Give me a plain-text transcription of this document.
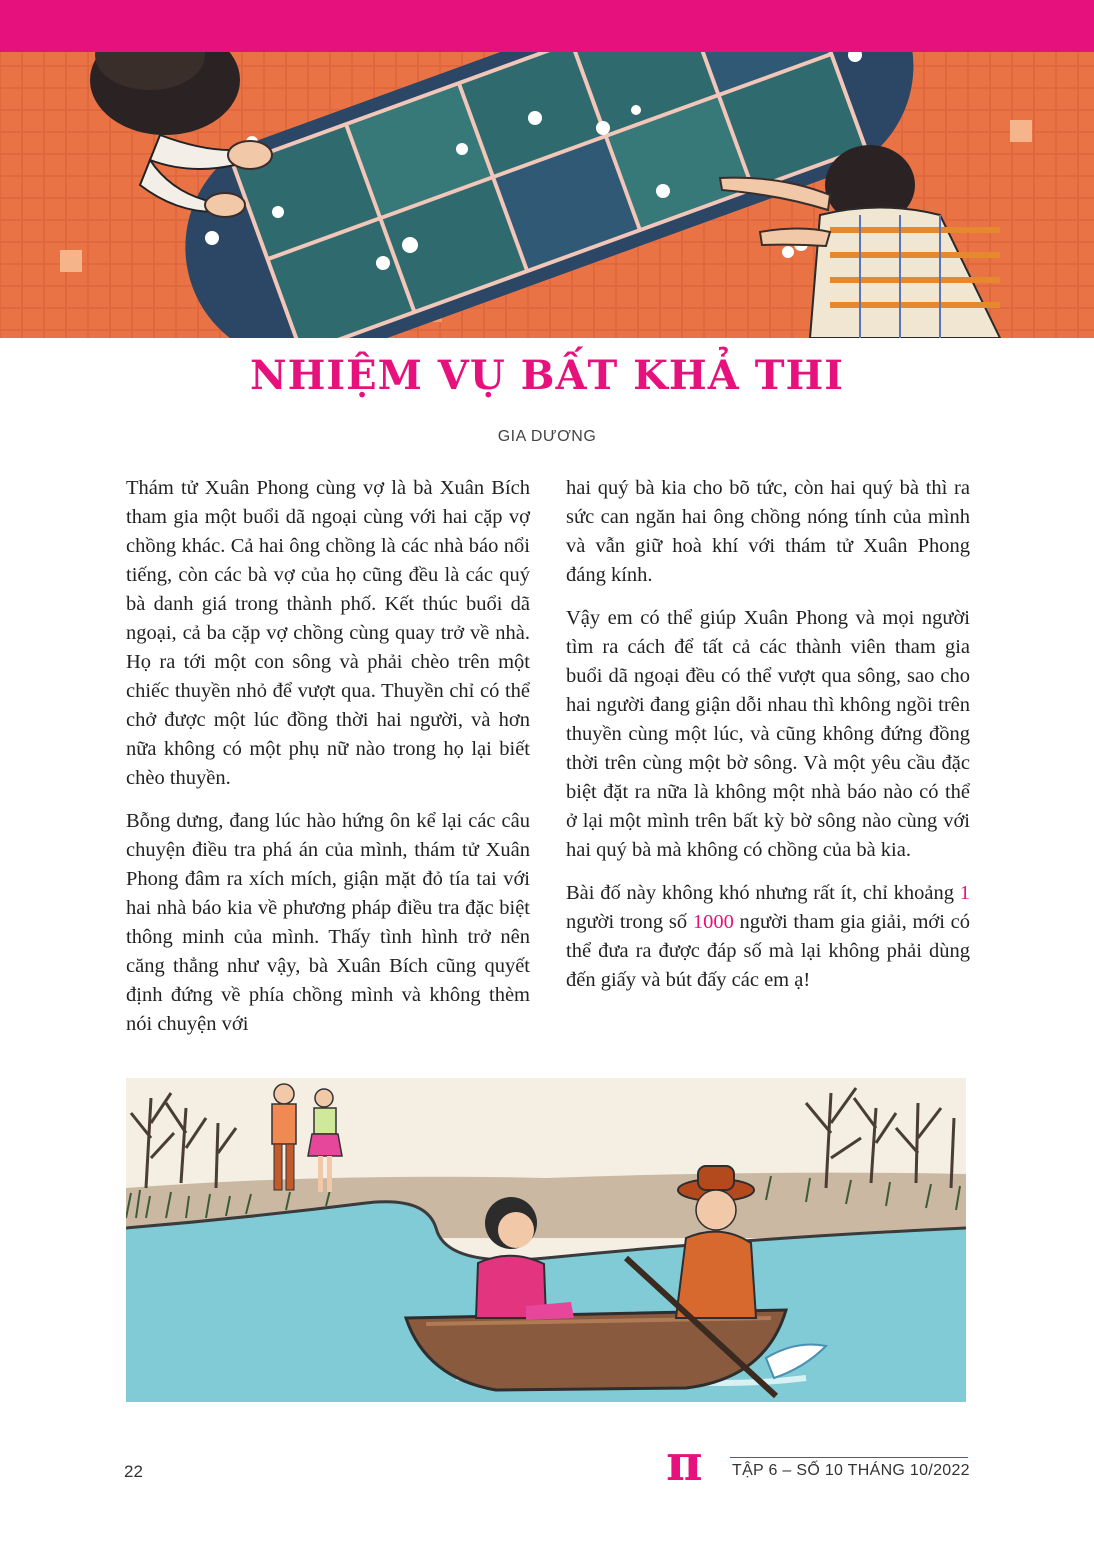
NHIỆM VỤ BẤT KHẢ THI
GIA DƯƠNG

Thám tử Xuân Phong cùng vợ là bà Xuân Bích tham gia một buổi dã ngoại cùng với hai cặp vợ chồng khác. Cả hai ông chồng là các nhà báo nổi tiếng, còn các bà vợ của họ cũng đều là các quý bà danh giá trong thành phố. Kết thúc buổi dã ngoại, cả ba cặp vợ chồng cùng quay trở về nhà. Họ ra tới một con sông và phải chèo trên một chiếc thuyền nhỏ để vượt qua. Thuyền chỉ có thể chở được một lúc đồng thời hai người, và hơn nữa không có một phụ nữ nào trong họ lại biết chèo thuyền.

Bỗng dưng, đang lúc hào hứng ôn kể lại các câu chuyện điều tra phá án của mình, thám tử Xuân Phong đâm ra xích mích, giận mặt đỏ tía tai với hai nhà báo kia về phương pháp điều tra đặc biệt thông minh của mình. Thấy tình hình trở nên căng thẳng như vậy, bà Xuân Bích cũng quyết định đứng về phía chồng mình và không thèm nói chuyện với

hai quý bà kia cho bõ tức, còn hai quý bà thì ra sức can ngăn hai ông chồng nóng tính của mình và vẫn giữ hoà khí với thám tử Xuân Phong đáng kính.

Vậy em có thể giúp Xuân Phong và mọi người tìm ra cách để tất cả các thành viên tham gia buổi dã ngoại đều có thể vượt qua sông, sao cho hai người đang giận dỗi nhau thì không ngồi trên thuyền cùng một lúc, và cũng không đứng đồng thời trên cùng một bờ sông. Và một yêu cầu đặc biệt đặt ra nữa là không một nhà báo nào có thể ở lại một mình trên bất kỳ bờ sông nào cùng với hai quý bà mà không có chồng của bà kia.

Bài đố này không khó nhưng rất ít, chỉ khoảng 1 người trong số 1000 người tham gia giải, mới có thể đưa ra được đáp số mà lại không phải dùng đến giấy và bút đấy các em ạ!

22	π TẬP 6 – SỐ 10 THÁNG 10/2022
